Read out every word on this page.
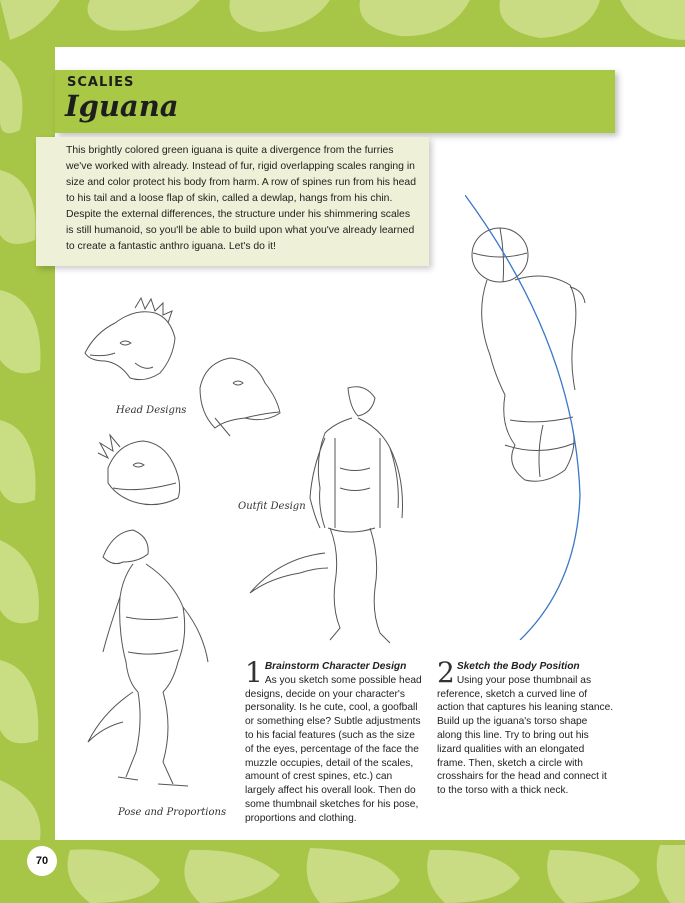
SCALIES
Iguana
This brightly colored green iguana is quite a divergence from the furries we've worked with already. Instead of fur, rigid overlapping scales ranging in size and color protect his body from harm. A row of spines run from his head to his tail and a loose flap of skin, called a dewlap, hangs from his chin. Despite the external differences, the structure under his shimmering scales is still humanoid, so you'll be able to build upon what you've already learned to create a fantastic anthro iguana. Let's do it!
Head Designs
Outfit Design
Pose and Proportions
1 Brainstorm Character Design
As you sketch some possible head designs, decide on your character's personality. Is he cute, cool, a goofball or something else? Subtle adjustments to his facial features (such as the size of the eyes, percentage of the face the muzzle occupies, detail of the scales, amount of crest spines, etc.) can largely affect his overall look. Then do some thumbnail sketches for his pose, proportions and clothing.
2 Sketch the Body Position
Using your pose thumbnail as reference, sketch a curved line of action that captures his leaning stance. Build up the iguana's torso shape along this line. Try to bring out his lizard qualities with an elongated frame. Then, sketch a circle with crosshairs for the head and connect it to the torso with a thick neck.
70
